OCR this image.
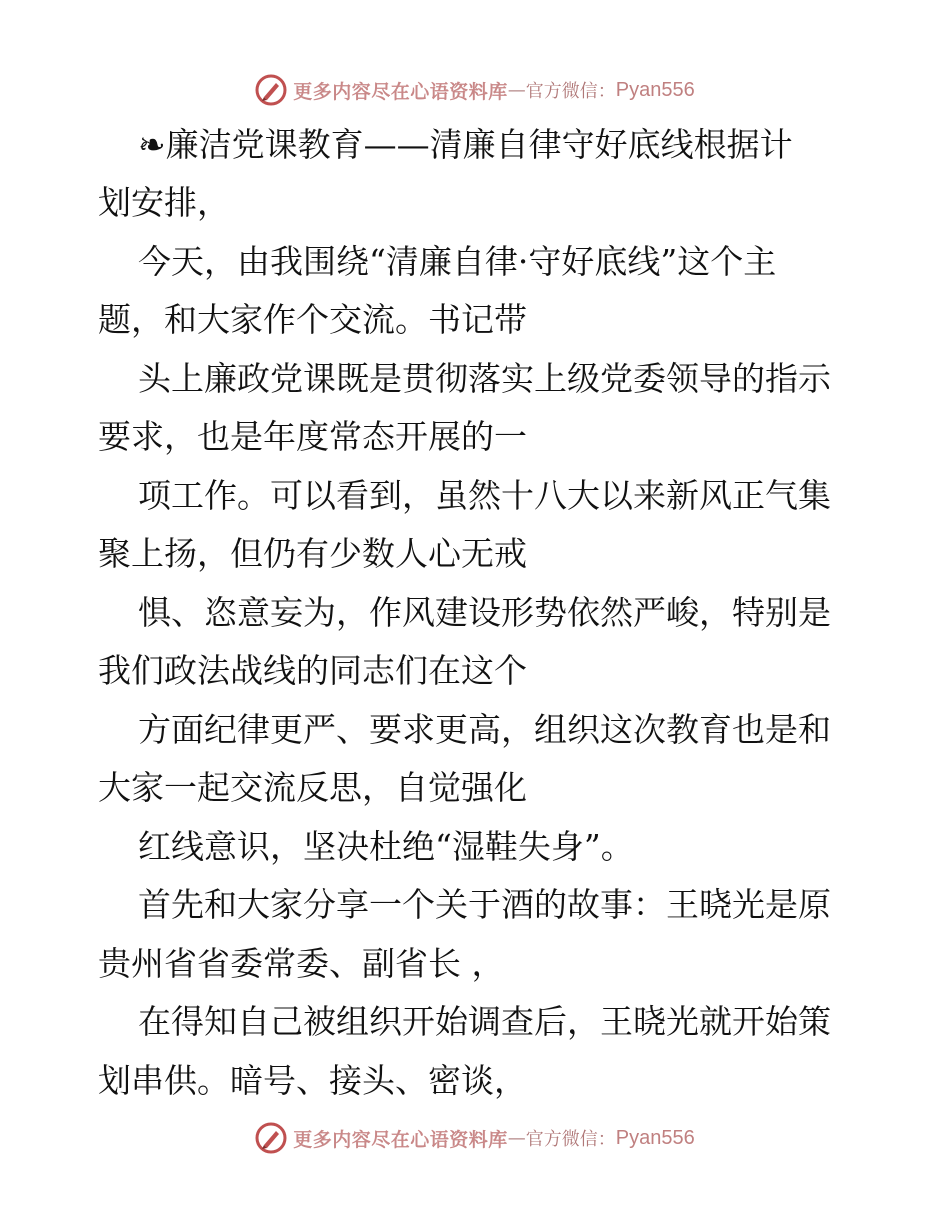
更多内容尽在心语资料库 — 官方微信： Pyan556
❧廉洁党课教育——清廉自律守好底线根据计
划安排，
今天，由我围绕“清廉自律·守好底线”这个主
题，和大家作个交流。书记带
头上廉政党课既是贯彻落实上级党委领导的指示
要求，也是年度常态开展的一
项工作。可以看到，虽然十八大以来新风正气集
聚上扬，但仍有少数人心无戒
惧、恣意妄为，作风建设形势依然严峻，特别是
我们政法战线的同志们在这个
方面纪律更严、要求更高，组织这次教育也是和
大家一起交流反思，自觉强化
红线意识，坚决杜绝“湿鞋失身”。
首先和大家分享一个关于酒的故事：王晓光是原
贵州省省委常委、副省长 ，
在得知自己被组织开始调查后，王晓光就开始策
划串供。暗号、接头、密谈，
更多内容尽在心语资料库 — 官方微信： Pyan556
